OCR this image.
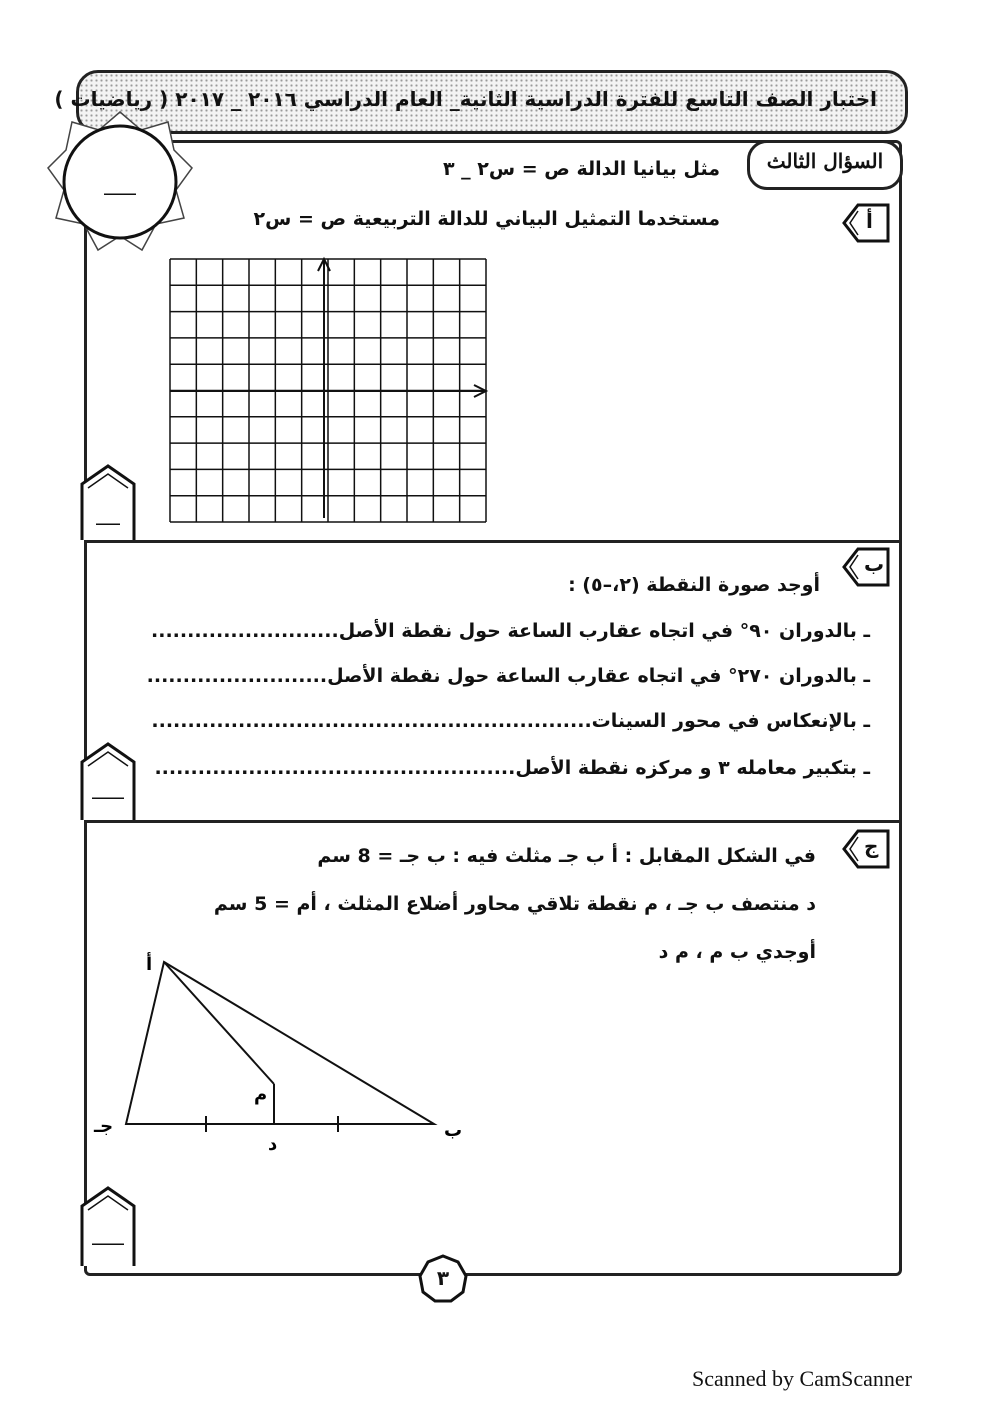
اختبار الصف التاسع للفترة الدراسية الثانية_ العام الدراسي ٢٠١٦ _ ٢٠١٧ ( رياضيات )
السؤال الثالث
____
أ
مثل بيانيا الدالة ص = س٢ _ ٣
مستخدما التمثيل البياني للدالة التربيعية ص = س٢
___
ب
أوجد صورة النقطة (٢،–٥) :
ـ بالدوران ٩٠° في اتجاه عقارب الساعة حول نقطة الأصل..........................
ـ بالدوران ٢٧٠° في اتجاه عقارب الساعة حول نقطة الأصل.........................
ـ بالإنعكاس في محور السينات.............................................................
ـ بتكبير معامله ٣ و مركزه نقطة الأصل..................................................
____
ج
في الشكل المقابل : أ ب جـ مثلث فيه : ب جـ = 8 سم
د منتصف ب جـ ، م نقطة تلاقي محاور أضلاع المثلث ، أم = 5 سم
أوجدي ب م ، م د
أ
ب
جـ
د
م
____
٣
Scanned by CamScanner
